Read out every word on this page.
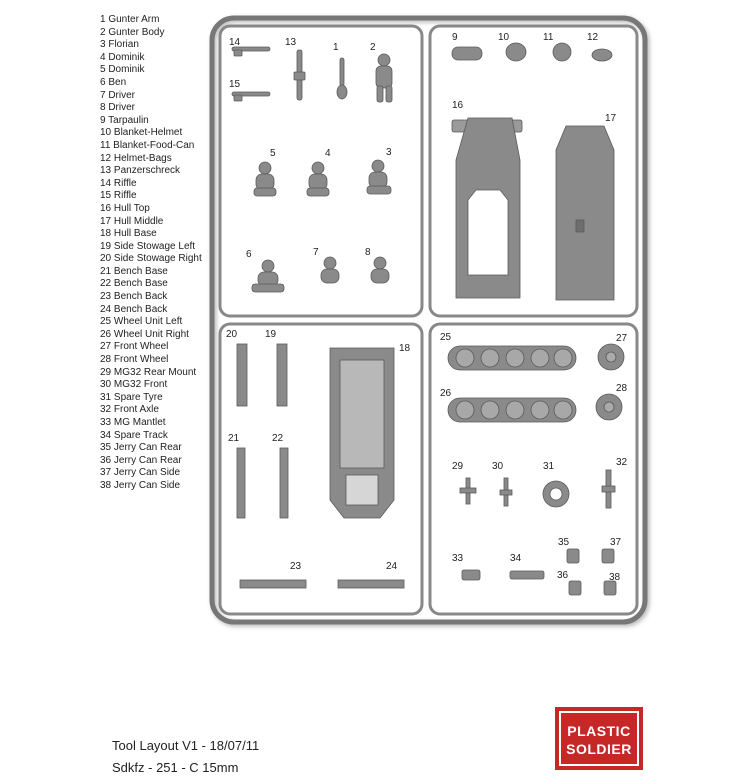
1 Gunter Arm
2 Gunter Body
3 Florian
4 Dominik
5 Dominik
6 Ben
7 Driver
8 Driver
9 Tarpaulin
10 Blanket-Helmet
11 Blanket-Food-Can
12 Helmet-Bags
13 Panzerschreck
14 Riffle
15 Riffle
16 Hull Top
17 Hull Middle
18 Hull Base
19 Side Stowage Left
20 Side Stowage Right
21 Bench Base
22 Bench Base
23 Bench Back
24 Bench Back
25 Wheel Unit Left
26 Wheel Unit Right
27 Front Wheel
28 Front Wheel
29 MG32 Rear Mount
30 MG32 Front
31 Spare Tyre
32 Front Axle
33 MG Mantlet
34 Spare Track
35 Jerry Can Rear
36 Jerry Can Rear
37 Jerry Can Side
38 Jerry Can Side
14	13	1	2
15
5	4	3
6	7	8
9	10	11	12
16
17
20	19
18
21	22
23	24
25	27
26	28
29	30	31	32
33	34
35	37
36	38
Tool Layout V1 - 18/07/11
Sdkfz - 251 - C 15mm
PLASTIC
SOLDIER
